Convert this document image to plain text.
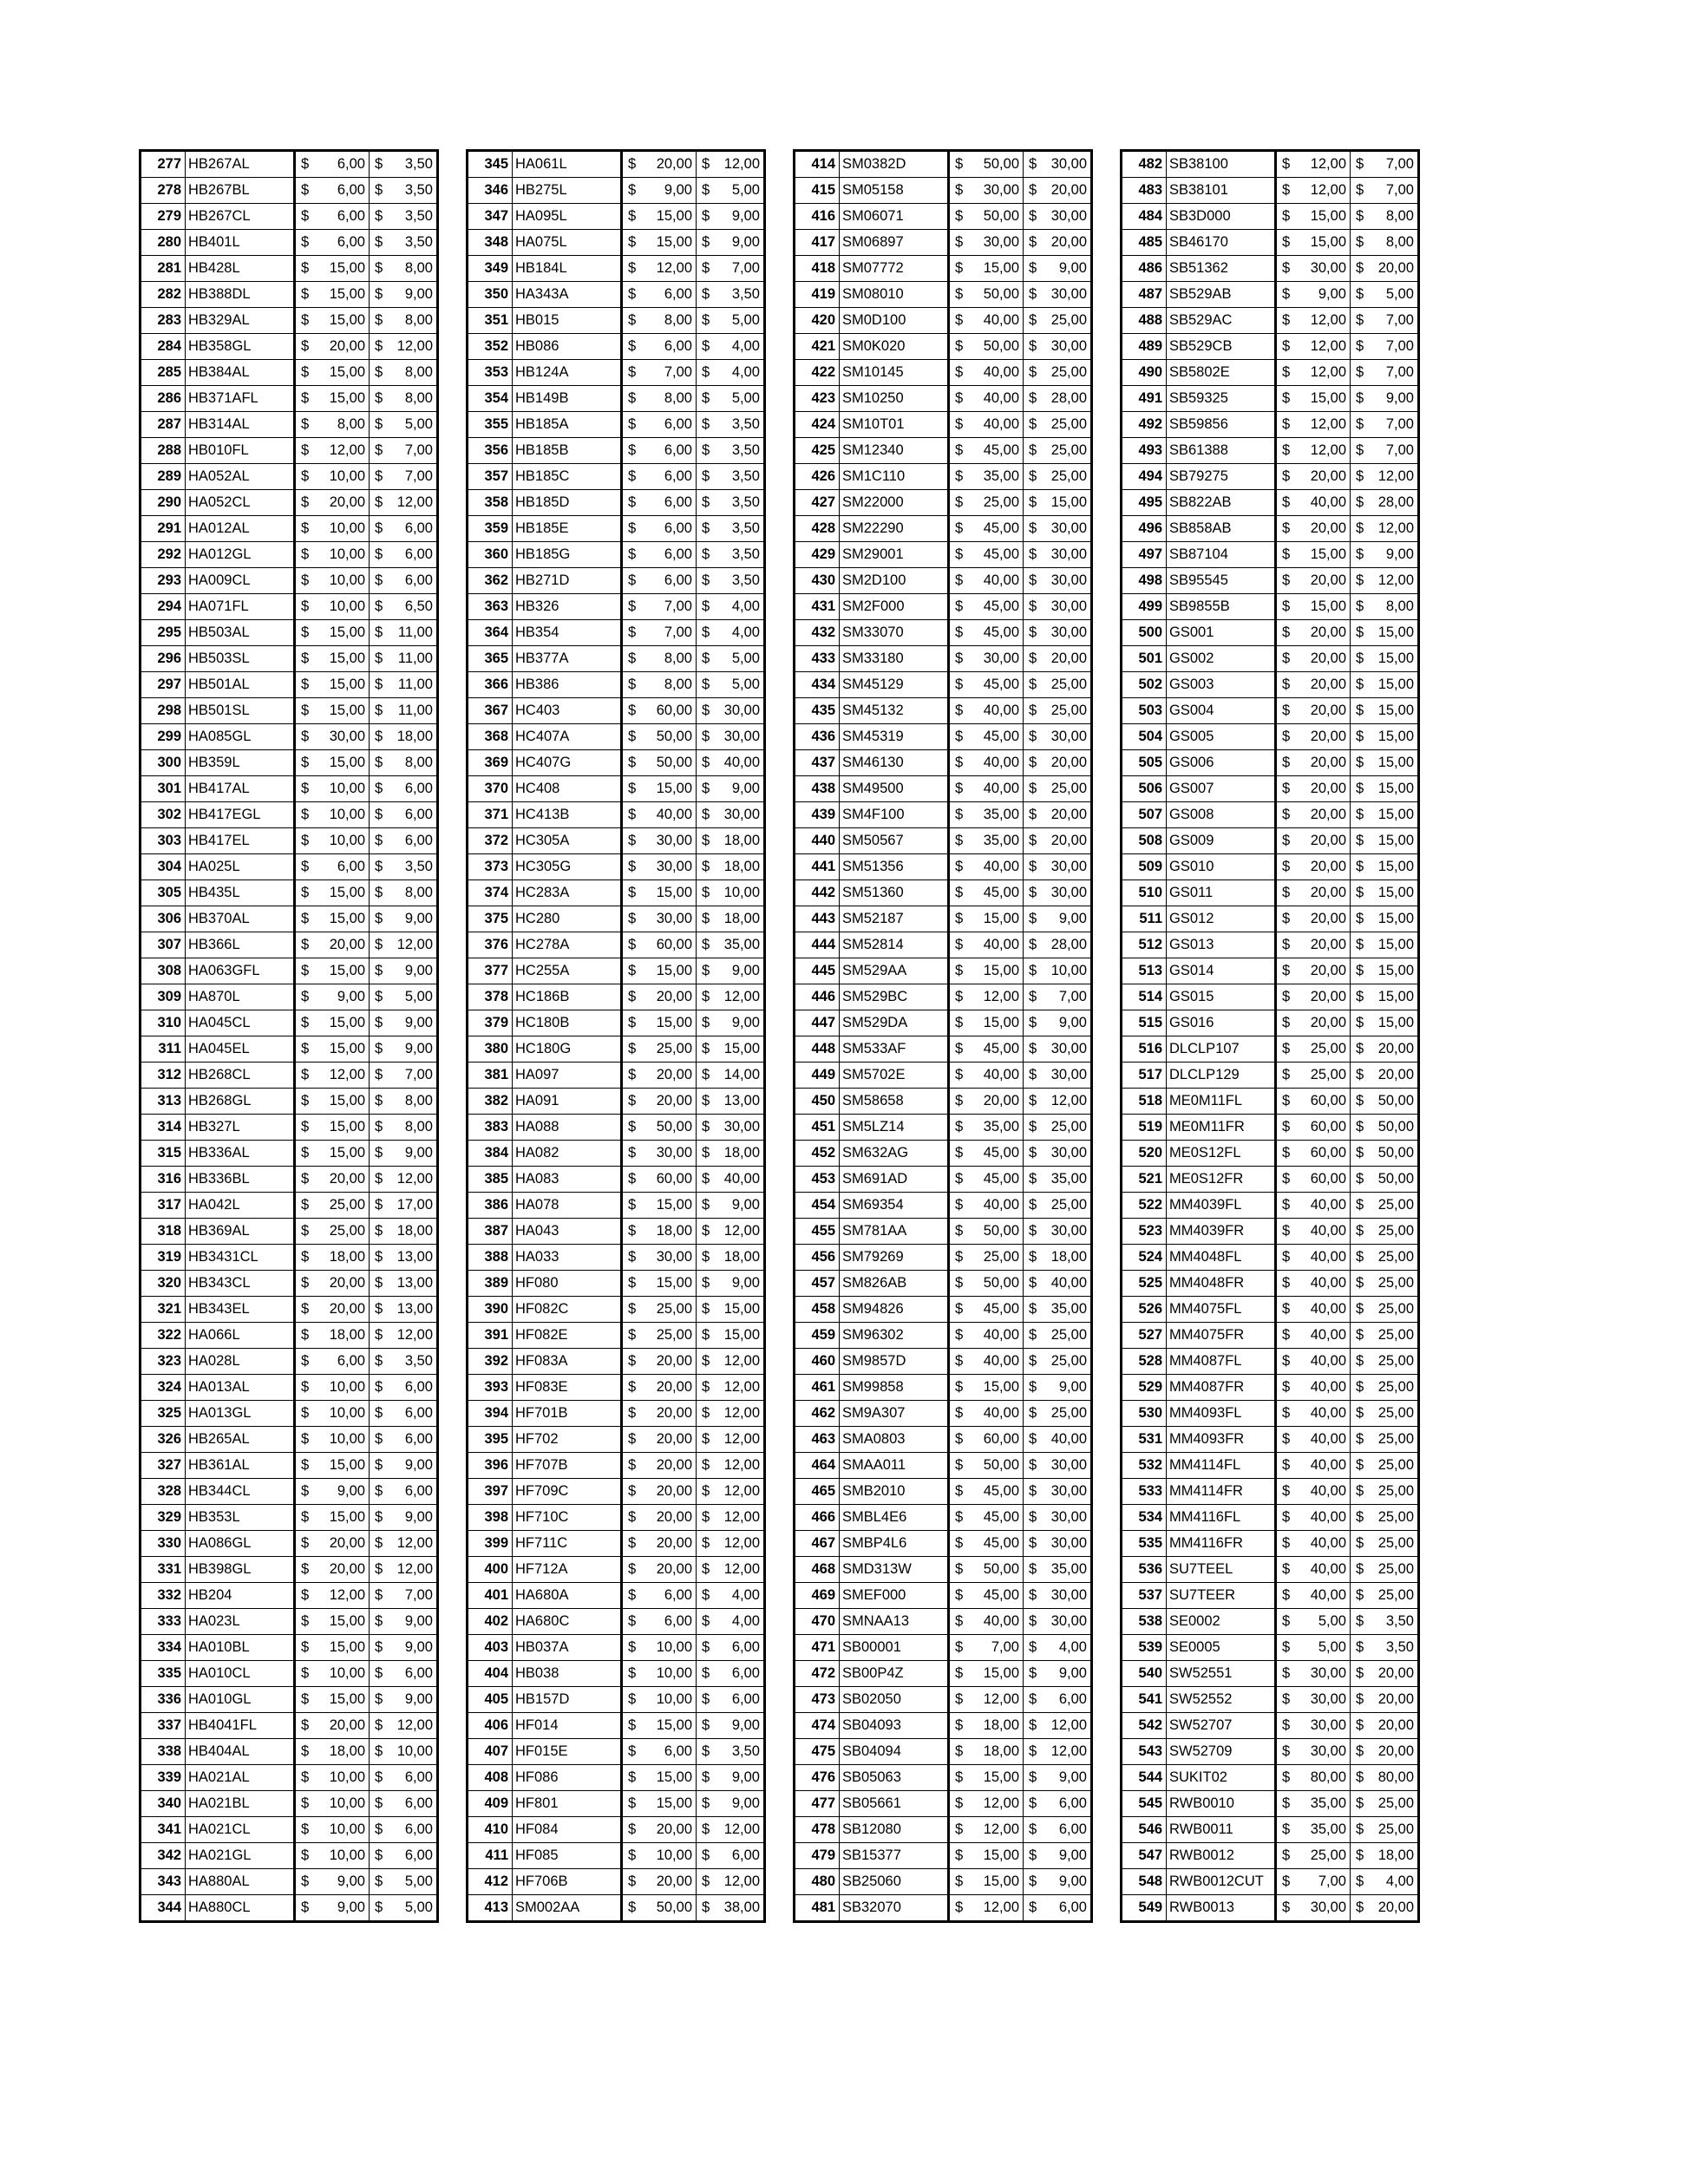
277	HB267AL	$ 6,00	$ 3,50

278	HB267BL	$ 6,00	$ 3,50

279	HB267CL	$ 6,00	$ 3,50

280	HB401L	$ 6,00	$ 3,50

281	HB428L	$ 15,00	$ 8,00

282	HB388DL	$ 15,00	$ 9,00

283	HB329AL	$ 15,00	$ 8,00

284	HB358GL	$ 20,00	$ 12,00

285	HB384AL	$ 15,00	$ 8,00

286	HB371AFL	$ 15,00	$ 8,00

287	HB314AL	$ 8,00	$ 5,00

288	HB010FL	$ 12,00	$ 7,00

289	HA052AL	$ 10,00	$ 7,00

290	HA052CL	$ 20,00	$ 12,00

291	HA012AL	$ 10,00	$ 6,00

292	HA012GL	$ 10,00	$ 6,00

293	HA009CL	$ 10,00	$ 6,00

294	HA071FL	$ 10,00	$ 6,50

295	HB503AL	$ 15,00	$ 11,00

296	HB503SL	$ 15,00	$ 11,00

297	HB501AL	$ 15,00	$ 11,00

298	HB501SL	$ 15,00	$ 11,00

299	HA085GL	$ 30,00	$ 18,00

300	HB359L	$ 15,00	$ 8,00

301	HB417AL	$ 10,00	$ 6,00

302	HB417EGL	$ 10,00	$ 6,00

303	HB417EL	$ 10,00	$ 6,00

304	HA025L	$ 6,00	$ 3,50

305	HB435L	$ 15,00	$ 8,00

306	HB370AL	$ 15,00	$ 9,00

307	HB366L	$ 20,00	$ 12,00

308	HA063GFL	$ 15,00	$ 9,00

309	HA870L	$ 9,00	$ 5,00

310	HA045CL	$ 15,00	$ 9,00

311	HA045EL	$ 15,00	$ 9,00

312	HB268CL	$ 12,00	$ 7,00

313	HB268GL	$ 15,00	$ 8,00

314	HB327L	$ 15,00	$ 8,00

315	HB336AL	$ 15,00	$ 9,00

316	HB336BL	$ 20,00	$ 12,00

317	HA042L	$ 25,00	$ 17,00

318	HB369AL	$ 25,00	$ 18,00

319	HB3431CL	$ 18,00	$ 13,00

320	HB343CL	$ 20,00	$ 13,00

321	HB343EL	$ 20,00	$ 13,00

322	HA066L	$ 18,00	$ 12,00

323	HA028L	$ 6,00	$ 3,50

324	HA013AL	$ 10,00	$ 6,00

325	HA013GL	$ 10,00	$ 6,00

326	HB265AL	$ 10,00	$ 6,00

327	HB361AL	$ 15,00	$ 9,00

328	HB344CL	$ 9,00	$ 6,00

329	HB353L	$ 15,00	$ 9,00

330	HA086GL	$ 20,00	$ 12,00

331	HB398GL	$ 20,00	$ 12,00

332	HB204	$ 12,00	$ 7,00

333	HA023L	$ 15,00	$ 9,00

334	HA010BL	$ 15,00	$ 9,00

335	HA010CL	$ 10,00	$ 6,00

336	HA010GL	$ 15,00	$ 9,00

337	HB4041FL	$ 20,00	$ 12,00

338	HB404AL	$ 18,00	$ 10,00

339	HA021AL	$ 10,00	$ 6,00

340	HA021BL	$ 10,00	$ 6,00

341	HA021CL	$ 10,00	$ 6,00

342	HA021GL	$ 10,00	$ 6,00

343	HA880AL	$ 9,00	$ 5,00

344	HA880CL	$ 9,00	$ 5,00
345	HA061L	$ 20,00	$ 12,00

346	HB275L	$ 9,00	$ 5,00

347	HA095L	$ 15,00	$ 9,00

348	HA075L	$ 15,00	$ 9,00

349	HB184L	$ 12,00	$ 7,00

350	HA343A	$ 6,00	$ 3,50

351	HB015	$ 8,00	$ 5,00

352	HB086	$ 6,00	$ 4,00

353	HB124A	$ 7,00	$ 4,00

354	HB149B	$ 8,00	$ 5,00

355	HB185A	$ 6,00	$ 3,50

356	HB185B	$ 6,00	$ 3,50

357	HB185C	$ 6,00	$ 3,50

358	HB185D	$ 6,00	$ 3,50

359	HB185E	$ 6,00	$ 3,50

360	HB185G	$ 6,00	$ 3,50

362	HB271D	$ 6,00	$ 3,50

363	HB326	$ 7,00	$ 4,00

364	HB354	$ 7,00	$ 4,00

365	HB377A	$ 8,00	$ 5,00

366	HB386	$ 8,00	$ 5,00

367	HC403	$ 60,00	$ 30,00

368	HC407A	$ 50,00	$ 30,00

369	HC407G	$ 50,00	$ 40,00

370	HC408	$ 15,00	$ 9,00

371	HC413B	$ 40,00	$ 30,00

372	HC305A	$ 30,00	$ 18,00

373	HC305G	$ 30,00	$ 18,00

374	HC283A	$ 15,00	$ 10,00

375	HC280	$ 30,00	$ 18,00

376	HC278A	$ 60,00	$ 35,00

377	HC255A	$ 15,00	$ 9,00

378	HC186B	$ 20,00	$ 12,00

379	HC180B	$ 15,00	$ 9,00

380	HC180G	$ 25,00	$ 15,00

381	HA097	$ 20,00	$ 14,00

382	HA091	$ 20,00	$ 13,00

383	HA088	$ 50,00	$ 30,00

384	HA082	$ 30,00	$ 18,00

385	HA083	$ 60,00	$ 40,00

386	HA078	$ 15,00	$ 9,00

387	HA043	$ 18,00	$ 12,00

388	HA033	$ 30,00	$ 18,00

389	HF080	$ 15,00	$ 9,00

390	HF082C	$ 25,00	$ 15,00

391	HF082E	$ 25,00	$ 15,00

392	HF083A	$ 20,00	$ 12,00

393	HF083E	$ 20,00	$ 12,00

394	HF701B	$ 20,00	$ 12,00

395	HF702	$ 20,00	$ 12,00

396	HF707B	$ 20,00	$ 12,00

397	HF709C	$ 20,00	$ 12,00

398	HF710C	$ 20,00	$ 12,00

399	HF711C	$ 20,00	$ 12,00

400	HF712A	$ 20,00	$ 12,00

401	HA680A	$ 6,00	$ 4,00

402	HA680C	$ 6,00	$ 4,00

403	HB037A	$ 10,00	$ 6,00

404	HB038	$ 10,00	$ 6,00

405	HB157D	$ 10,00	$ 6,00

406	HF014	$ 15,00	$ 9,00

407	HF015E	$ 6,00	$ 3,50

408	HF086	$ 15,00	$ 9,00

409	HF801	$ 15,00	$ 9,00

410	HF084	$ 20,00	$ 12,00

411	HF085	$ 10,00	$ 6,00

412	HF706B	$ 20,00	$ 12,00

413	SM002AA	$ 50,00	$ 38,00
414	SM0382D	$ 50,00	$ 30,00

415	SM05158	$ 30,00	$ 20,00

416	SM06071	$ 50,00	$ 30,00

417	SM06897	$ 30,00	$ 20,00

418	SM07772	$ 15,00	$ 9,00

419	SM08010	$ 50,00	$ 30,00

420	SM0D100	$ 40,00	$ 25,00

421	SM0K020	$ 50,00	$ 30,00

422	SM10145	$ 40,00	$ 25,00

423	SM10250	$ 40,00	$ 28,00

424	SM10T01	$ 40,00	$ 25,00

425	SM12340	$ 45,00	$ 25,00

426	SM1C110	$ 35,00	$ 25,00

427	SM22000	$ 25,00	$ 15,00

428	SM22290	$ 45,00	$ 30,00

429	SM29001	$ 45,00	$ 30,00

430	SM2D100	$ 40,00	$ 30,00

431	SM2F000	$ 45,00	$ 30,00

432	SM33070	$ 45,00	$ 30,00

433	SM33180	$ 30,00	$ 20,00

434	SM45129	$ 45,00	$ 25,00

435	SM45132	$ 40,00	$ 25,00

436	SM45319	$ 45,00	$ 30,00

437	SM46130	$ 40,00	$ 20,00

438	SM49500	$ 40,00	$ 25,00

439	SM4F100	$ 35,00	$ 20,00

440	SM50567	$ 35,00	$ 20,00

441	SM51356	$ 40,00	$ 30,00

442	SM51360	$ 45,00	$ 30,00

443	SM52187	$ 15,00	$ 9,00

444	SM52814	$ 40,00	$ 28,00

445	SM529AA	$ 15,00	$ 10,00

446	SM529BC	$ 12,00	$ 7,00

447	SM529DA	$ 15,00	$ 9,00

448	SM533AF	$ 45,00	$ 30,00

449	SM5702E	$ 40,00	$ 30,00

450	SM58658	$ 20,00	$ 12,00

451	SM5LZ14	$ 35,00	$ 25,00

452	SM632AG	$ 45,00	$ 30,00

453	SM691AD	$ 45,00	$ 35,00

454	SM69354	$ 40,00	$ 25,00

455	SM781AA	$ 50,00	$ 30,00

456	SM79269	$ 25,00	$ 18,00

457	SM826AB	$ 50,00	$ 40,00

458	SM94826	$ 45,00	$ 35,00

459	SM96302	$ 40,00	$ 25,00

460	SM9857D	$ 40,00	$ 25,00

461	SM99858	$ 15,00	$ 9,00

462	SM9A307	$ 40,00	$ 25,00

463	SMA0803	$ 60,00	$ 40,00

464	SMAA011	$ 50,00	$ 30,00

465	SMB2010	$ 45,00	$ 30,00

466	SMBL4E6	$ 45,00	$ 30,00

467	SMBP4L6	$ 45,00	$ 30,00

468	SMD313W	$ 50,00	$ 35,00

469	SMEF000	$ 45,00	$ 30,00

470	SMNAA13	$ 40,00	$ 30,00

471	SB00001	$ 7,00	$ 4,00

472	SB00P4Z	$ 15,00	$ 9,00

473	SB02050	$ 12,00	$ 6,00

474	SB04093	$ 18,00	$ 12,00

475	SB04094	$ 18,00	$ 12,00

476	SB05063	$ 15,00	$ 9,00

477	SB05661	$ 12,00	$ 6,00

478	SB12080	$ 12,00	$ 6,00

479	SB15377	$ 15,00	$ 9,00

480	SB25060	$ 15,00	$ 9,00

481	SB32070	$ 12,00	$ 6,00
482	SB38100	$ 12,00	$ 7,00

483	SB38101	$ 12,00	$ 7,00

484	SB3D000	$ 15,00	$ 8,00

485	SB46170	$ 15,00	$ 8,00

486	SB51362	$ 30,00	$ 20,00

487	SB529AB	$ 9,00	$ 5,00

488	SB529AC	$ 12,00	$ 7,00

489	SB529CB	$ 12,00	$ 7,00

490	SB5802E	$ 12,00	$ 7,00

491	SB59325	$ 15,00	$ 9,00

492	SB59856	$ 12,00	$ 7,00

493	SB61388	$ 12,00	$ 7,00

494	SB79275	$ 20,00	$ 12,00

495	SB822AB	$ 40,00	$ 28,00

496	SB858AB	$ 20,00	$ 12,00

497	SB87104	$ 15,00	$ 9,00

498	SB95545	$ 20,00	$ 12,00

499	SB9855B	$ 15,00	$ 8,00

500	GS001	$ 20,00	$ 15,00

501	GS002	$ 20,00	$ 15,00

502	GS003	$ 20,00	$ 15,00

503	GS004	$ 20,00	$ 15,00

504	GS005	$ 20,00	$ 15,00

505	GS006	$ 20,00	$ 15,00

506	GS007	$ 20,00	$ 15,00

507	GS008	$ 20,00	$ 15,00

508	GS009	$ 20,00	$ 15,00

509	GS010	$ 20,00	$ 15,00

510	GS011	$ 20,00	$ 15,00

511	GS012	$ 20,00	$ 15,00

512	GS013	$ 20,00	$ 15,00

513	GS014	$ 20,00	$ 15,00

514	GS015	$ 20,00	$ 15,00

515	GS016	$ 20,00	$ 15,00

516	DLCLP107	$ 25,00	$ 20,00

517	DLCLP129	$ 25,00	$ 20,00

518	ME0M11FL	$ 60,00	$ 50,00

519	ME0M11FR	$ 60,00	$ 50,00

520	ME0S12FL	$ 60,00	$ 50,00

521	ME0S12FR	$ 60,00	$ 50,00

522	MM4039FL	$ 40,00	$ 25,00

523	MM4039FR	$ 40,00	$ 25,00

524	MM4048FL	$ 40,00	$ 25,00

525	MM4048FR	$ 40,00	$ 25,00

526	MM4075FL	$ 40,00	$ 25,00

527	MM4075FR	$ 40,00	$ 25,00

528	MM4087FL	$ 40,00	$ 25,00

529	MM4087FR	$ 40,00	$ 25,00

530	MM4093FL	$ 40,00	$ 25,00

531	MM4093FR	$ 40,00	$ 25,00

532	MM4114FL	$ 40,00	$ 25,00

533	MM4114FR	$ 40,00	$ 25,00

534	MM4116FL	$ 40,00	$ 25,00

535	MM4116FR	$ 40,00	$ 25,00

536	SU7TEEL	$ 40,00	$ 25,00

537	SU7TEER	$ 40,00	$ 25,00

538	SE0002	$ 5,00	$ 3,50

539	SE0005	$ 5,00	$ 3,50

540	SW52551	$ 30,00	$ 20,00

541	SW52552	$ 30,00	$ 20,00

542	SW52707	$ 30,00	$ 20,00

543	SW52709	$ 30,00	$ 20,00

544	SUKIT02	$ 80,00	$ 80,00

545	RWB0010	$ 35,00	$ 25,00

546	RWB0011	$ 35,00	$ 25,00

547	RWB0012	$ 25,00	$ 18,00

548	RWB0012CUT	$ 7,00	$ 4,00

549	RWB0013	$ 30,00	$ 20,00
